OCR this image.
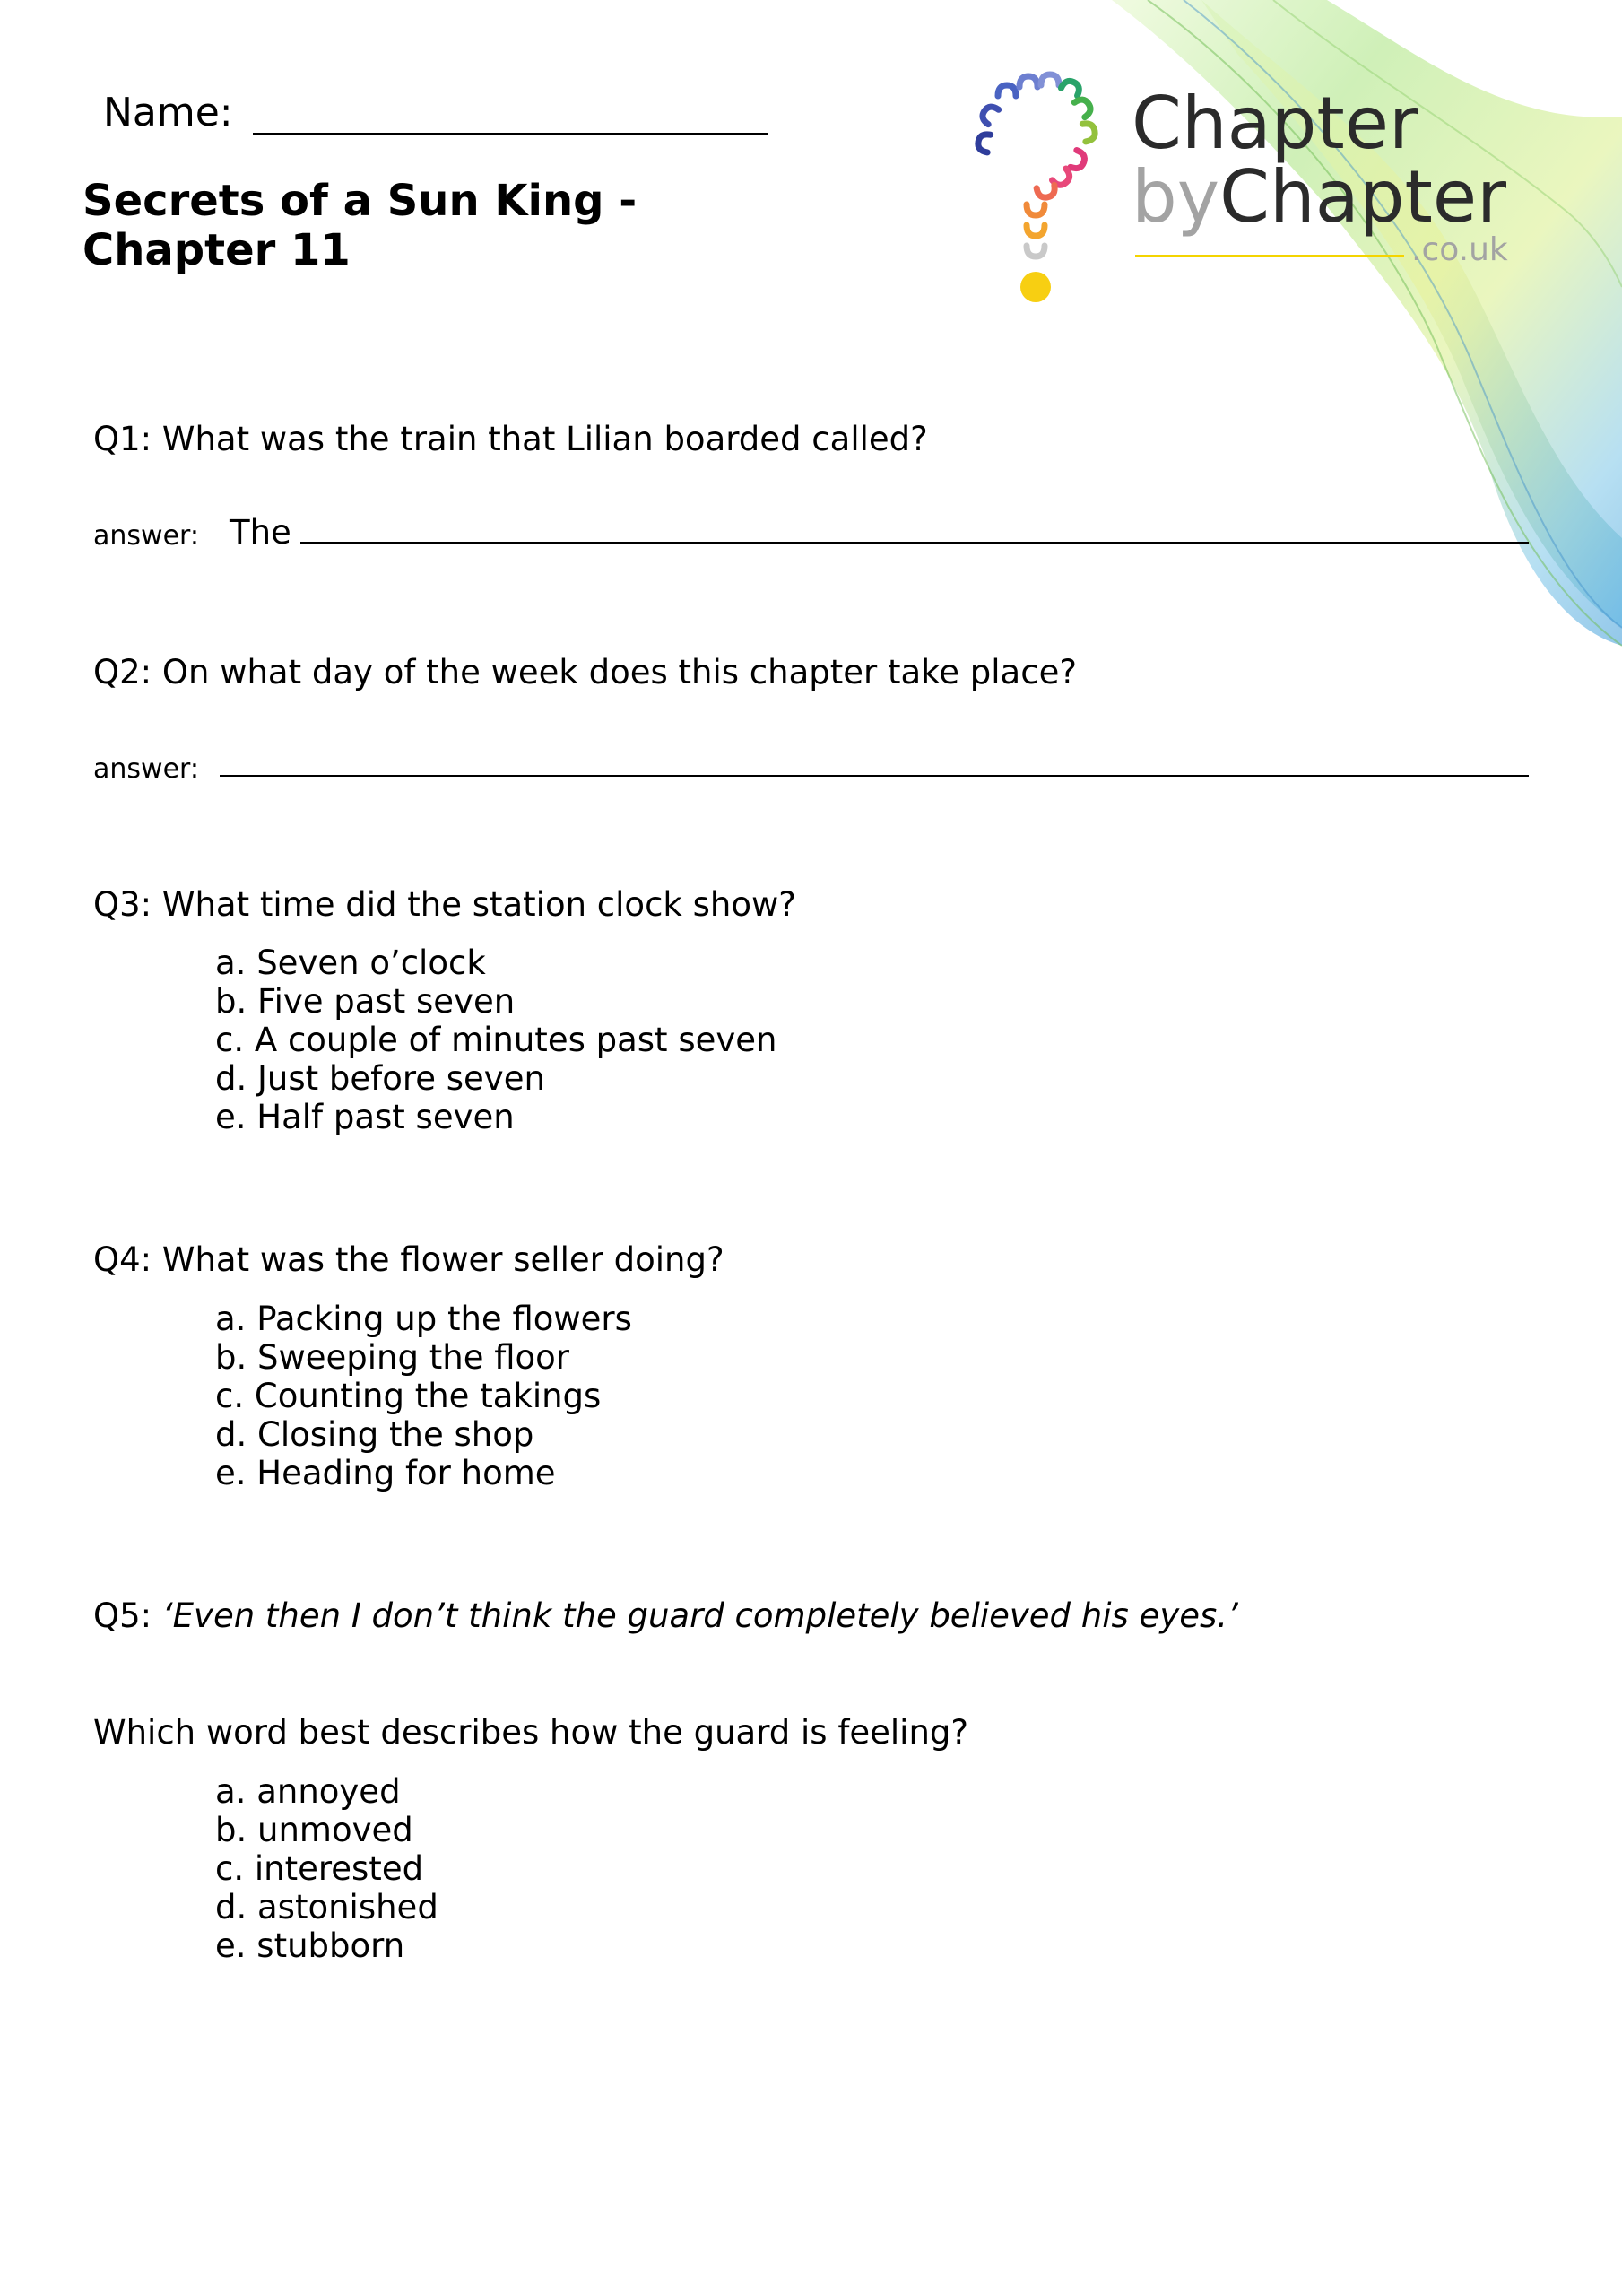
Chapter
byChapter
.co.uk
Name:
Secrets of a Sun King -
Chapter 11
Q1: What was the train that Lilian boarded called?
answer: The
Q2: On what day of the week does this chapter take place?
answer:
Q3: What time did the station clock show?
a. Seven o’clock
b. Five past seven
c. A couple of minutes past seven
d. Just before seven
e. Half past seven
Q4: What was the flower seller doing?
a. Packing up the flowers
b. Sweeping the floor
c. Counting the takings
d. Closing the shop
e. Heading for home
Q5: ‘Even then I don’t think the guard completely believed his eyes.’
Which word best describes how the guard is feeling?
a. annoyed
b. unmoved
c. interested
d. astonished
e. stubborn
